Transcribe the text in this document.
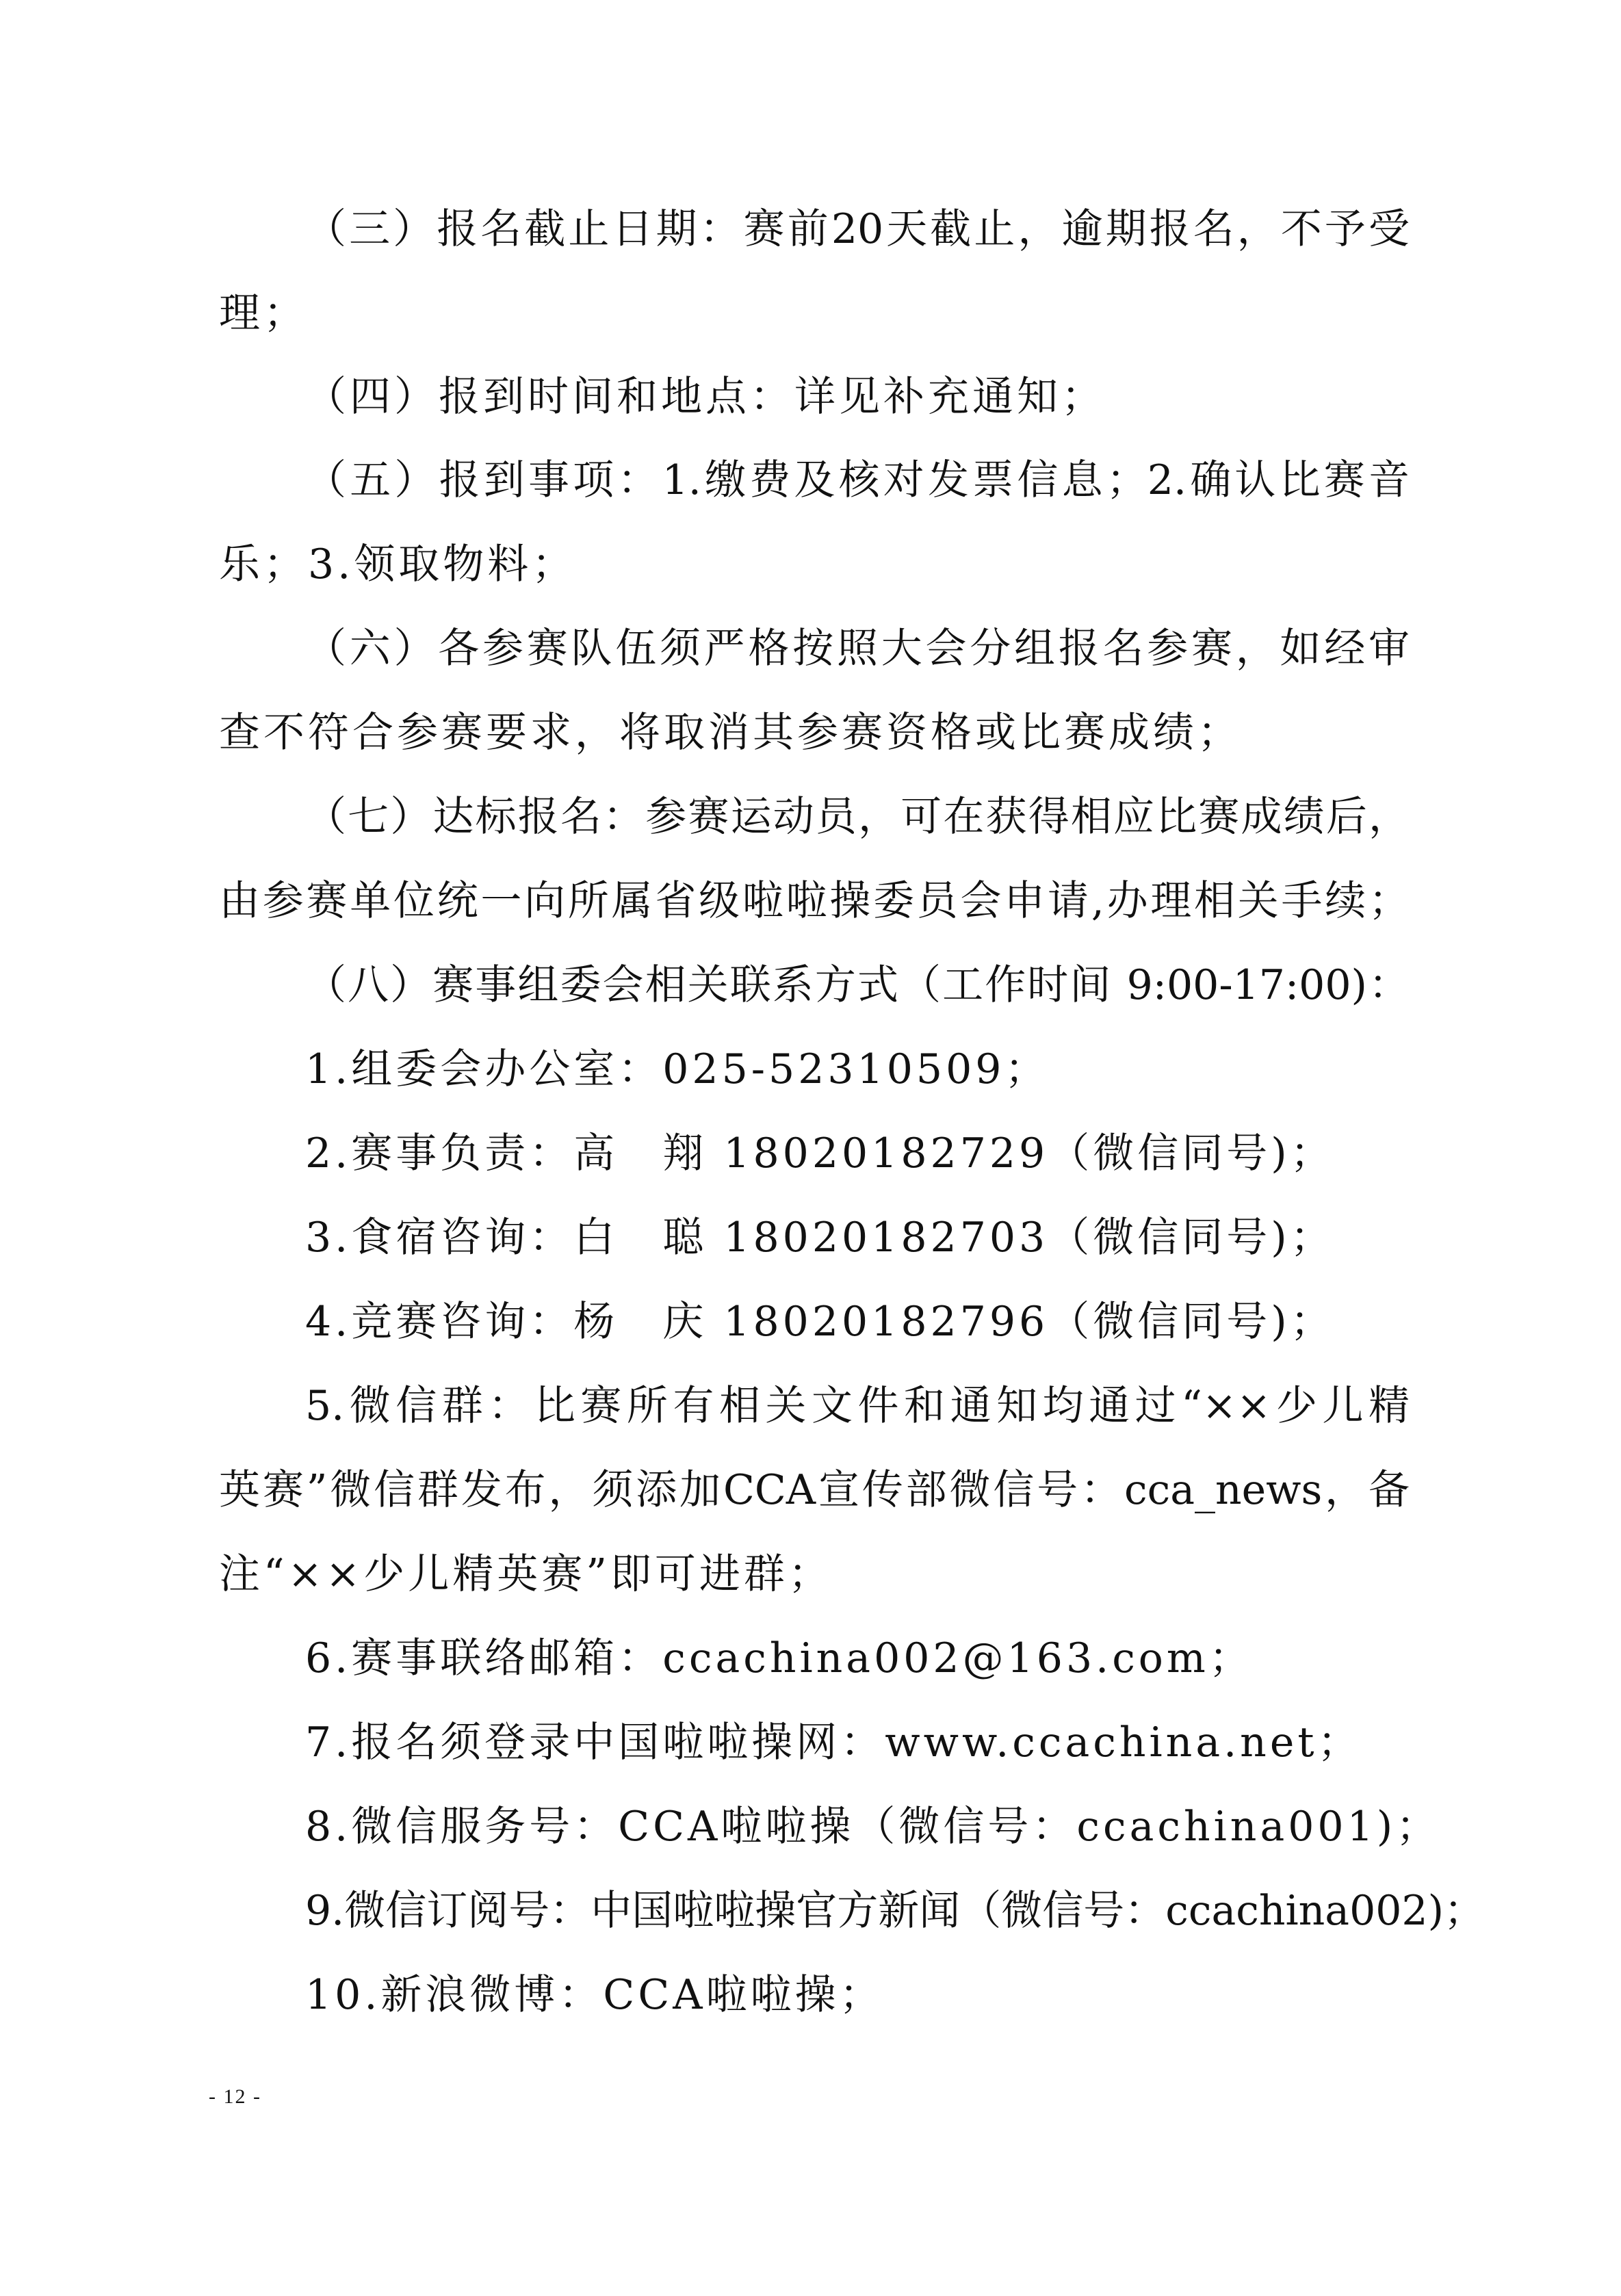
（三）报名截止日期：赛前20天截止，逾期报名，不予受
理；
（四）报到时间和地点：详见补充通知；
（五）报到事项：1.缴费及核对发票信息；2.确认比赛音
乐；3.领取物料；
（六）各参赛队伍须严格按照大会分组报名参赛，如经审
查不符合参赛要求，将取消其参赛资格或比赛成绩；
（七）达标报名：参赛运动员，可在获得相应比赛成绩后，
由参赛单位统一向所属省级啦啦操委员会申请,办理相关手续；
（八）赛事组委会相关联系方式（工作时间 9:00-17:00)：
1.组委会办公室：025-52310509；
2.赛事负责：高　翔 18020182729（微信同号)；
3.食宿咨询：白　聪 18020182703（微信同号)；
4.竞赛咨询：杨　庆 18020182796（微信同号)；
5.微信群：比赛所有相关文件和通知均通过“××少儿精
英赛”微信群发布，须添加CCA宣传部微信号：cca_news，备
注“××少儿精英赛”即可进群；
6.赛事联络邮箱：ccachina002@163.com；
7.报名须登录中国啦啦操网：www.ccachina.net；
8.微信服务号：CCA啦啦操（微信号：ccachina001)；
9.微信订阅号：中国啦啦操官方新闻（微信号：ccachina002)；
10.新浪微博：CCA啦啦操；
- 12 -
